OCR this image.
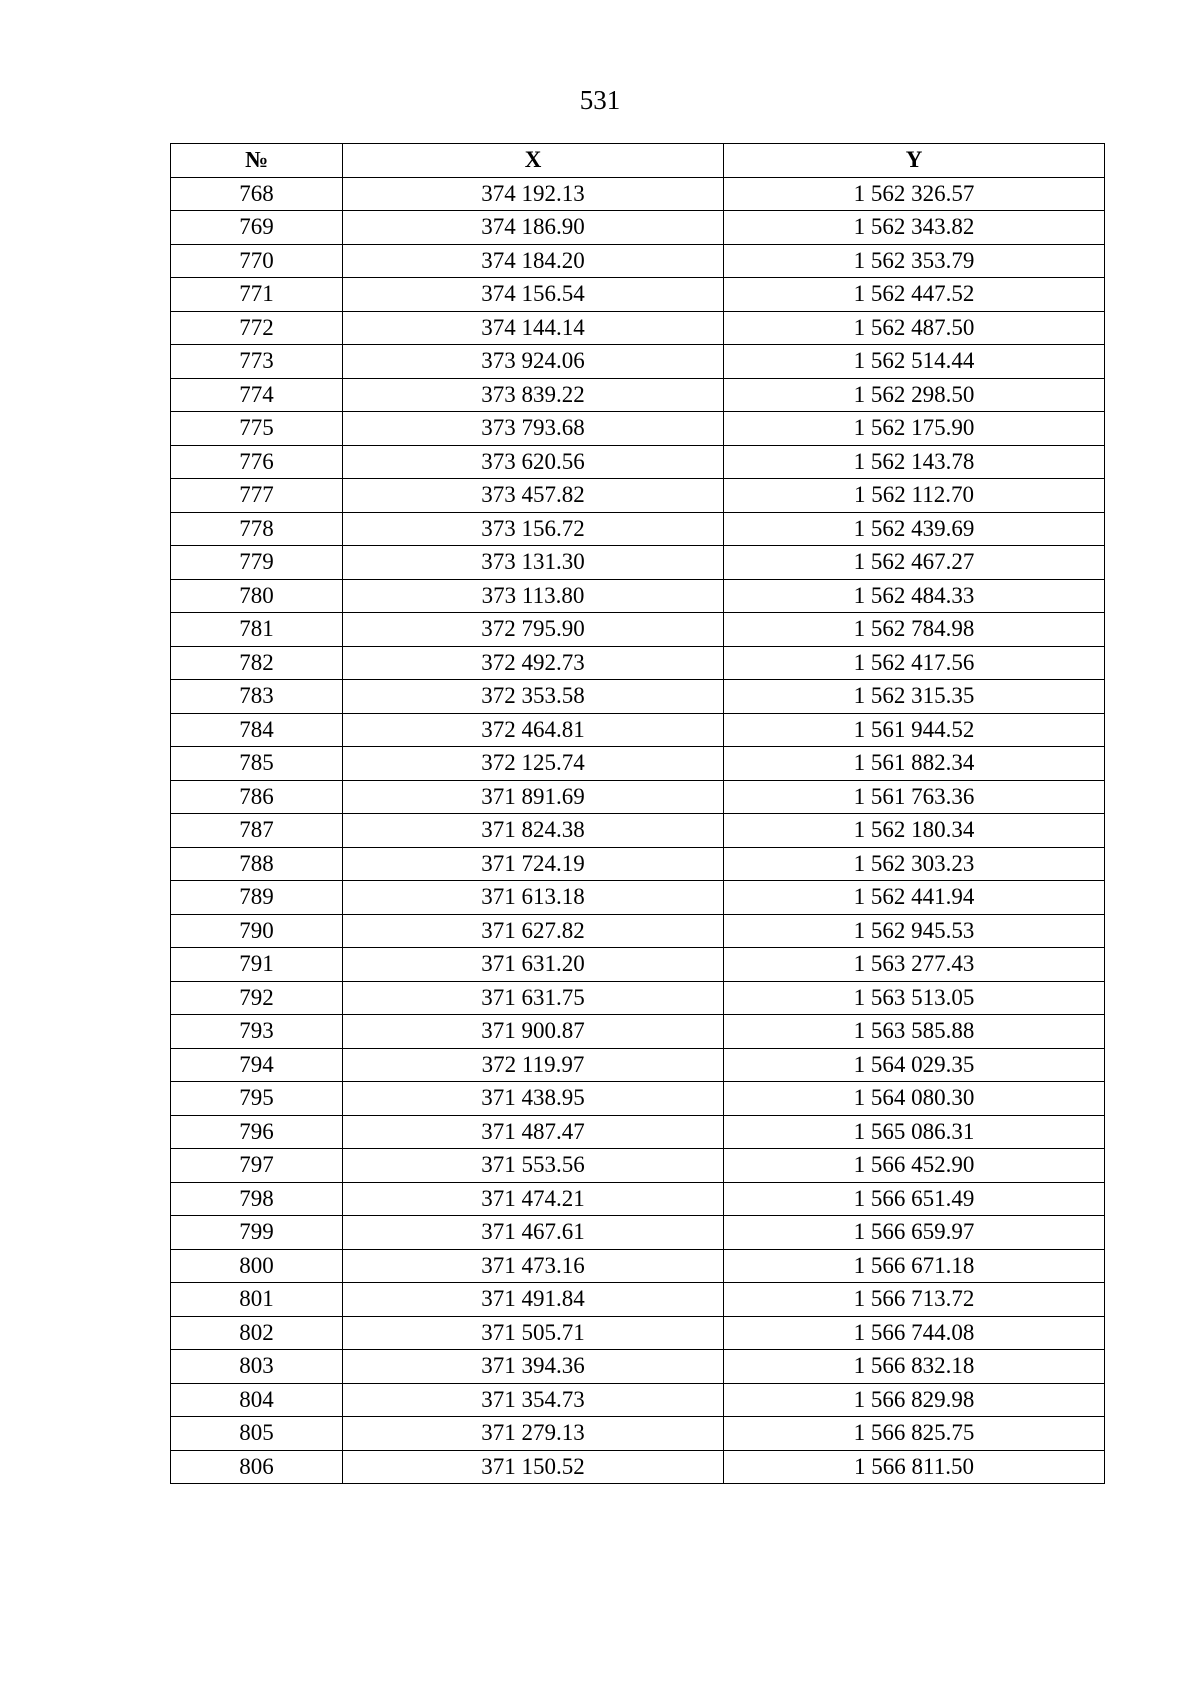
531
№	X	Y
768	374 192.13	1 562 326.57
769	374 186.90	1 562 343.82
770	374 184.20	1 562 353.79
771	374 156.54	1 562 447.52
772	374 144.14	1 562 487.50
773	373 924.06	1 562 514.44
774	373 839.22	1 562 298.50
775	373 793.68	1 562 175.90
776	373 620.56	1 562 143.78
777	373 457.82	1 562 112.70
778	373 156.72	1 562 439.69
779	373 131.30	1 562 467.27
780	373 113.80	1 562 484.33
781	372 795.90	1 562 784.98
782	372 492.73	1 562 417.56
783	372 353.58	1 562 315.35
784	372 464.81	1 561 944.52
785	372 125.74	1 561 882.34
786	371 891.69	1 561 763.36
787	371 824.38	1 562 180.34
788	371 724.19	1 562 303.23
789	371 613.18	1 562 441.94
790	371 627.82	1 562 945.53
791	371 631.20	1 563 277.43
792	371 631.75	1 563 513.05
793	371 900.87	1 563 585.88
794	372 119.97	1 564 029.35
795	371 438.95	1 564 080.30
796	371 487.47	1 565 086.31
797	371 553.56	1 566 452.90
798	371 474.21	1 566 651.49
799	371 467.61	1 566 659.97
800	371 473.16	1 566 671.18
801	371 491.84	1 566 713.72
802	371 505.71	1 566 744.08
803	371 394.36	1 566 832.18
804	371 354.73	1 566 829.98
805	371 279.13	1 566 825.75
806	371 150.52	1 566 811.50
